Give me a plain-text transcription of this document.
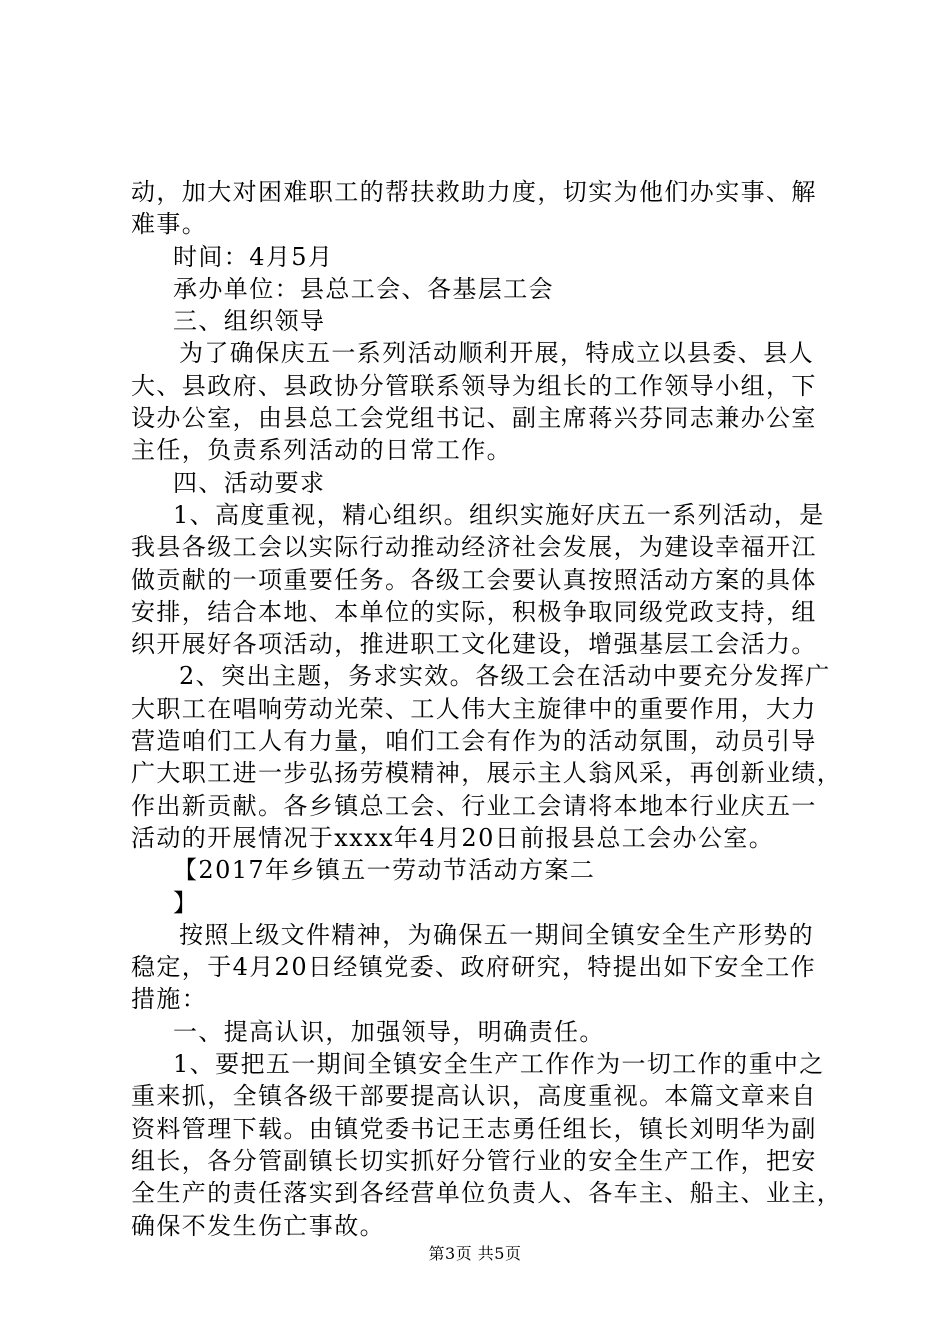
动，加大对困难职工的帮扶救助力度，切实为他们办实事、解
难事。
时间：4月5月
承办单位：县总工会、各基层工会
三、组织领导
为了确保庆五一系列活动顺利开展，特成立以县委、县人
大、县政府、县政协分管联系领导为组长的工作领导小组，下
设办公室，由县总工会党组书记、副主席蒋兴芬同志兼办公室
主任，负责系列活动的日常工作。
四、活动要求
1、高度重视，精心组织。组织实施好庆五一系列活动，是
我县各级工会以实际行动推动经济社会发展，为建设幸福开江
做贡献的一项重要任务。各级工会要认真按照活动方案的具体
安排，结合本地、本单位的实际，积极争取同级党政支持，组
织开展好各项活动，推进职工文化建设，增强基层工会活力。
2、突出主题，务求实效。各级工会在活动中要充分发挥广
大职工在唱响劳动光荣、工人伟大主旋律中的重要作用，大力
营造咱们工人有力量，咱们工会有作为的活动氛围，动员引导
广大职工进一步弘扬劳模精神，展示主人翁风采，再创新业绩，
作出新贡献。各乡镇总工会、行业工会请将本地本行业庆五一
活动的开展情况于xxxx年4月20日前报县总工会办公室。
【2017年乡镇五一劳动节活动方案二
】
按照上级文件精神，为确保五一期间全镇安全生产形势的
稳定，于4月20日经镇党委、政府研究，特提出如下安全工作
措施：
一、提高认识，加强领导，明确责任。
1、要把五一期间全镇安全生产工作作为一切工作的重中之
重来抓，全镇各级干部要提高认识，高度重视。本篇文章来自
资料管理下载。由镇党委书记王志勇任组长，镇长刘明华为副
组长，各分管副镇长切实抓好分管行业的安全生产工作，把安
全生产的责任落实到各经营单位负责人、各车主、船主、业主，
确保不发生伤亡事故。
第3页 共5页
